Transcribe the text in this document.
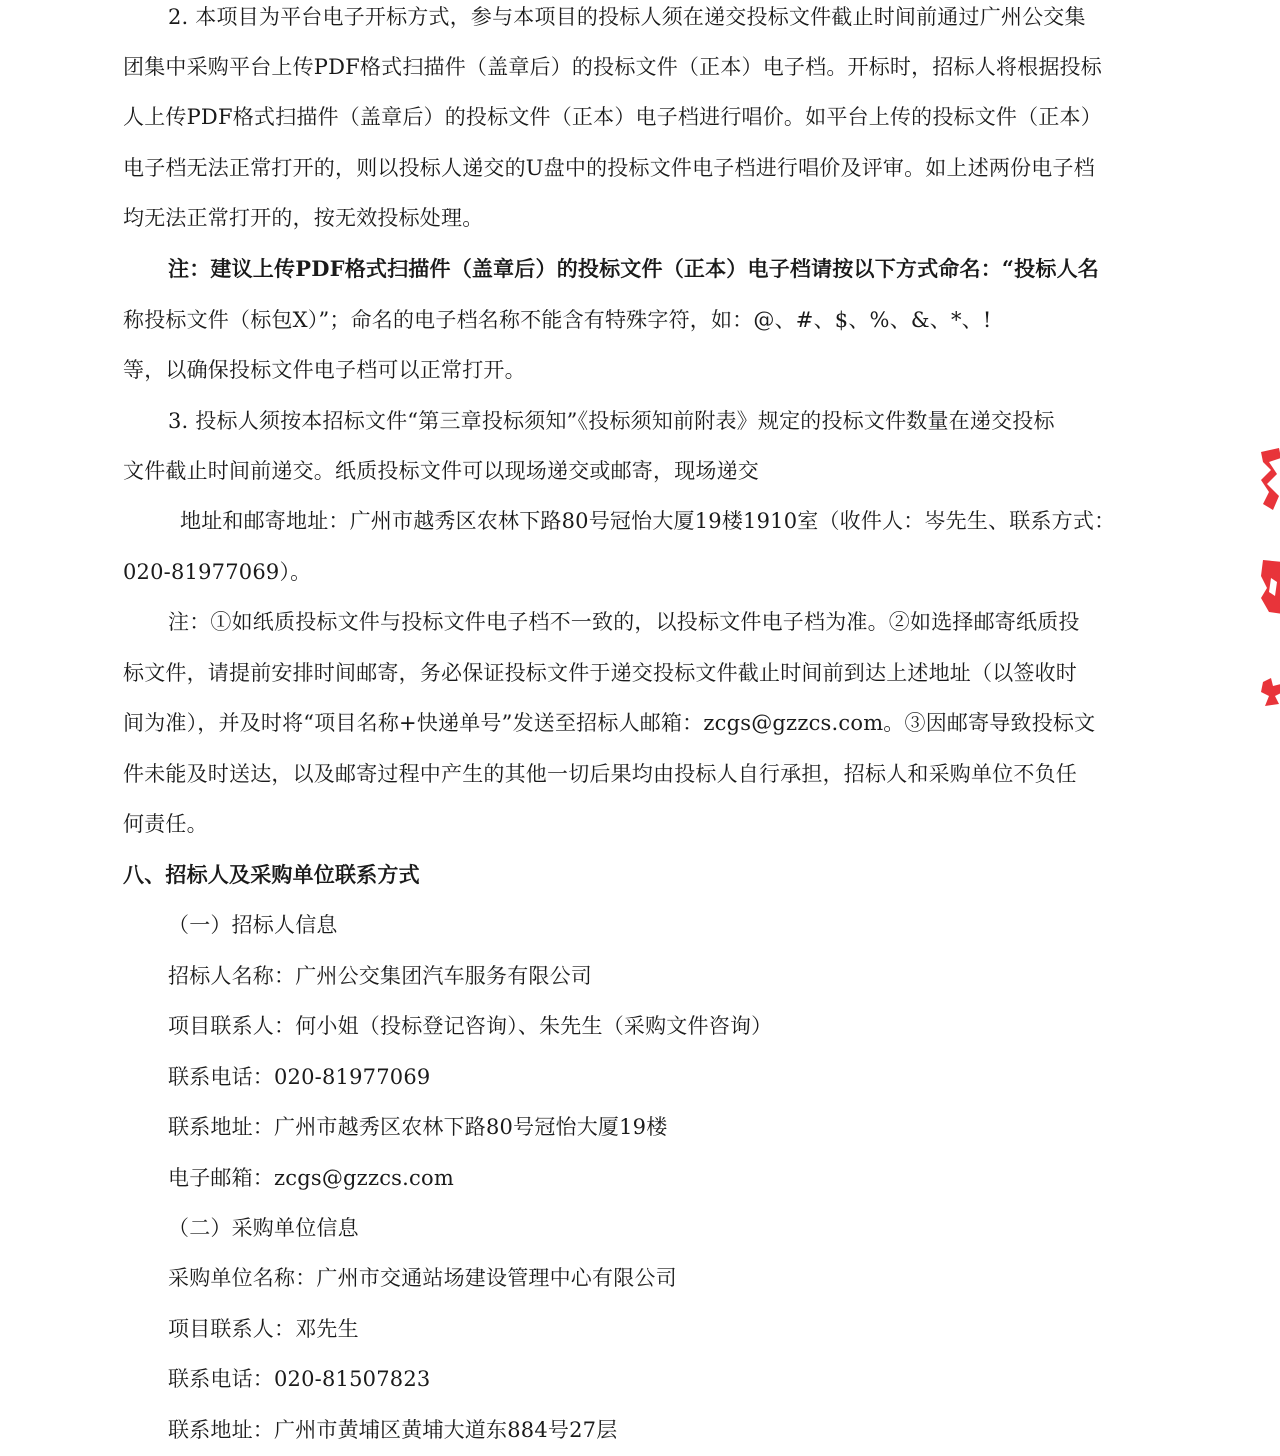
2. 本项目为平台电子开标方式，参与本项目的投标人须在递交投标文件截止时间前通过广州公交集
团集中采购平台上传PDF格式扫描件（盖章后）的投标文件（正本）电子档。开标时，招标人将根据投标
人上传PDF格式扫描件（盖章后）的投标文件（正本）电子档进行唱价。如平台上传的投标文件（正本）
电子档无法正常打开的，则以投标人递交的U盘中的投标文件电子档进行唱价及评审。如上述两份电子档
均无法正常打开的，按无效投标处理。
注：建议上传PDF格式扫描件（盖章后）的投标文件（正本）电子档请按以下方式命名：“投标人名
称投标文件（标包X）”；命名的电子档名称不能含有特殊字符，如：@、#、$、%、&、*、!
等，以确保投标文件电子档可以正常打开。
3. 投标人须按本招标文件“第三章投标须知”《投标须知前附表》规定的投标文件数量在递交投标
文件截止时间前递交。纸质投标文件可以现场递交或邮寄，现场递交
地址和邮寄地址：广州市越秀区农林下路80号冠怡大厦19楼1910室（收件人：岑先生、联系方式：
020-81977069）。
注：①如纸质投标文件与投标文件电子档不一致的，以投标文件电子档为准。②如选择邮寄纸质投
标文件，请提前安排时间邮寄，务必保证投标文件于递交投标文件截止时间前到达上述地址（以签收时
间为准），并及时将“项目名称+快递单号”发送至招标人邮箱：zcgs@gzzcs.com。③因邮寄导致投标文
件未能及时送达，以及邮寄过程中产生的其他一切后果均由投标人自行承担，招标人和采购单位不负任
何责任。
八、招标人及采购单位联系方式
（一）招标人信息
招标人名称：广州公交集团汽车服务有限公司
项目联系人：何小姐（投标登记咨询）、朱先生（采购文件咨询）
联系电话：020-81977069
联系地址：广州市越秀区农林下路80号冠怡大厦19楼
电子邮箱：zcgs@gzzcs.com
（二）采购单位信息
采购单位名称：广州市交通站场建设管理中心有限公司
项目联系人：邓先生
联系电话：020-81507823
联系地址：广州市黄埔区黄埔大道东884号27层
